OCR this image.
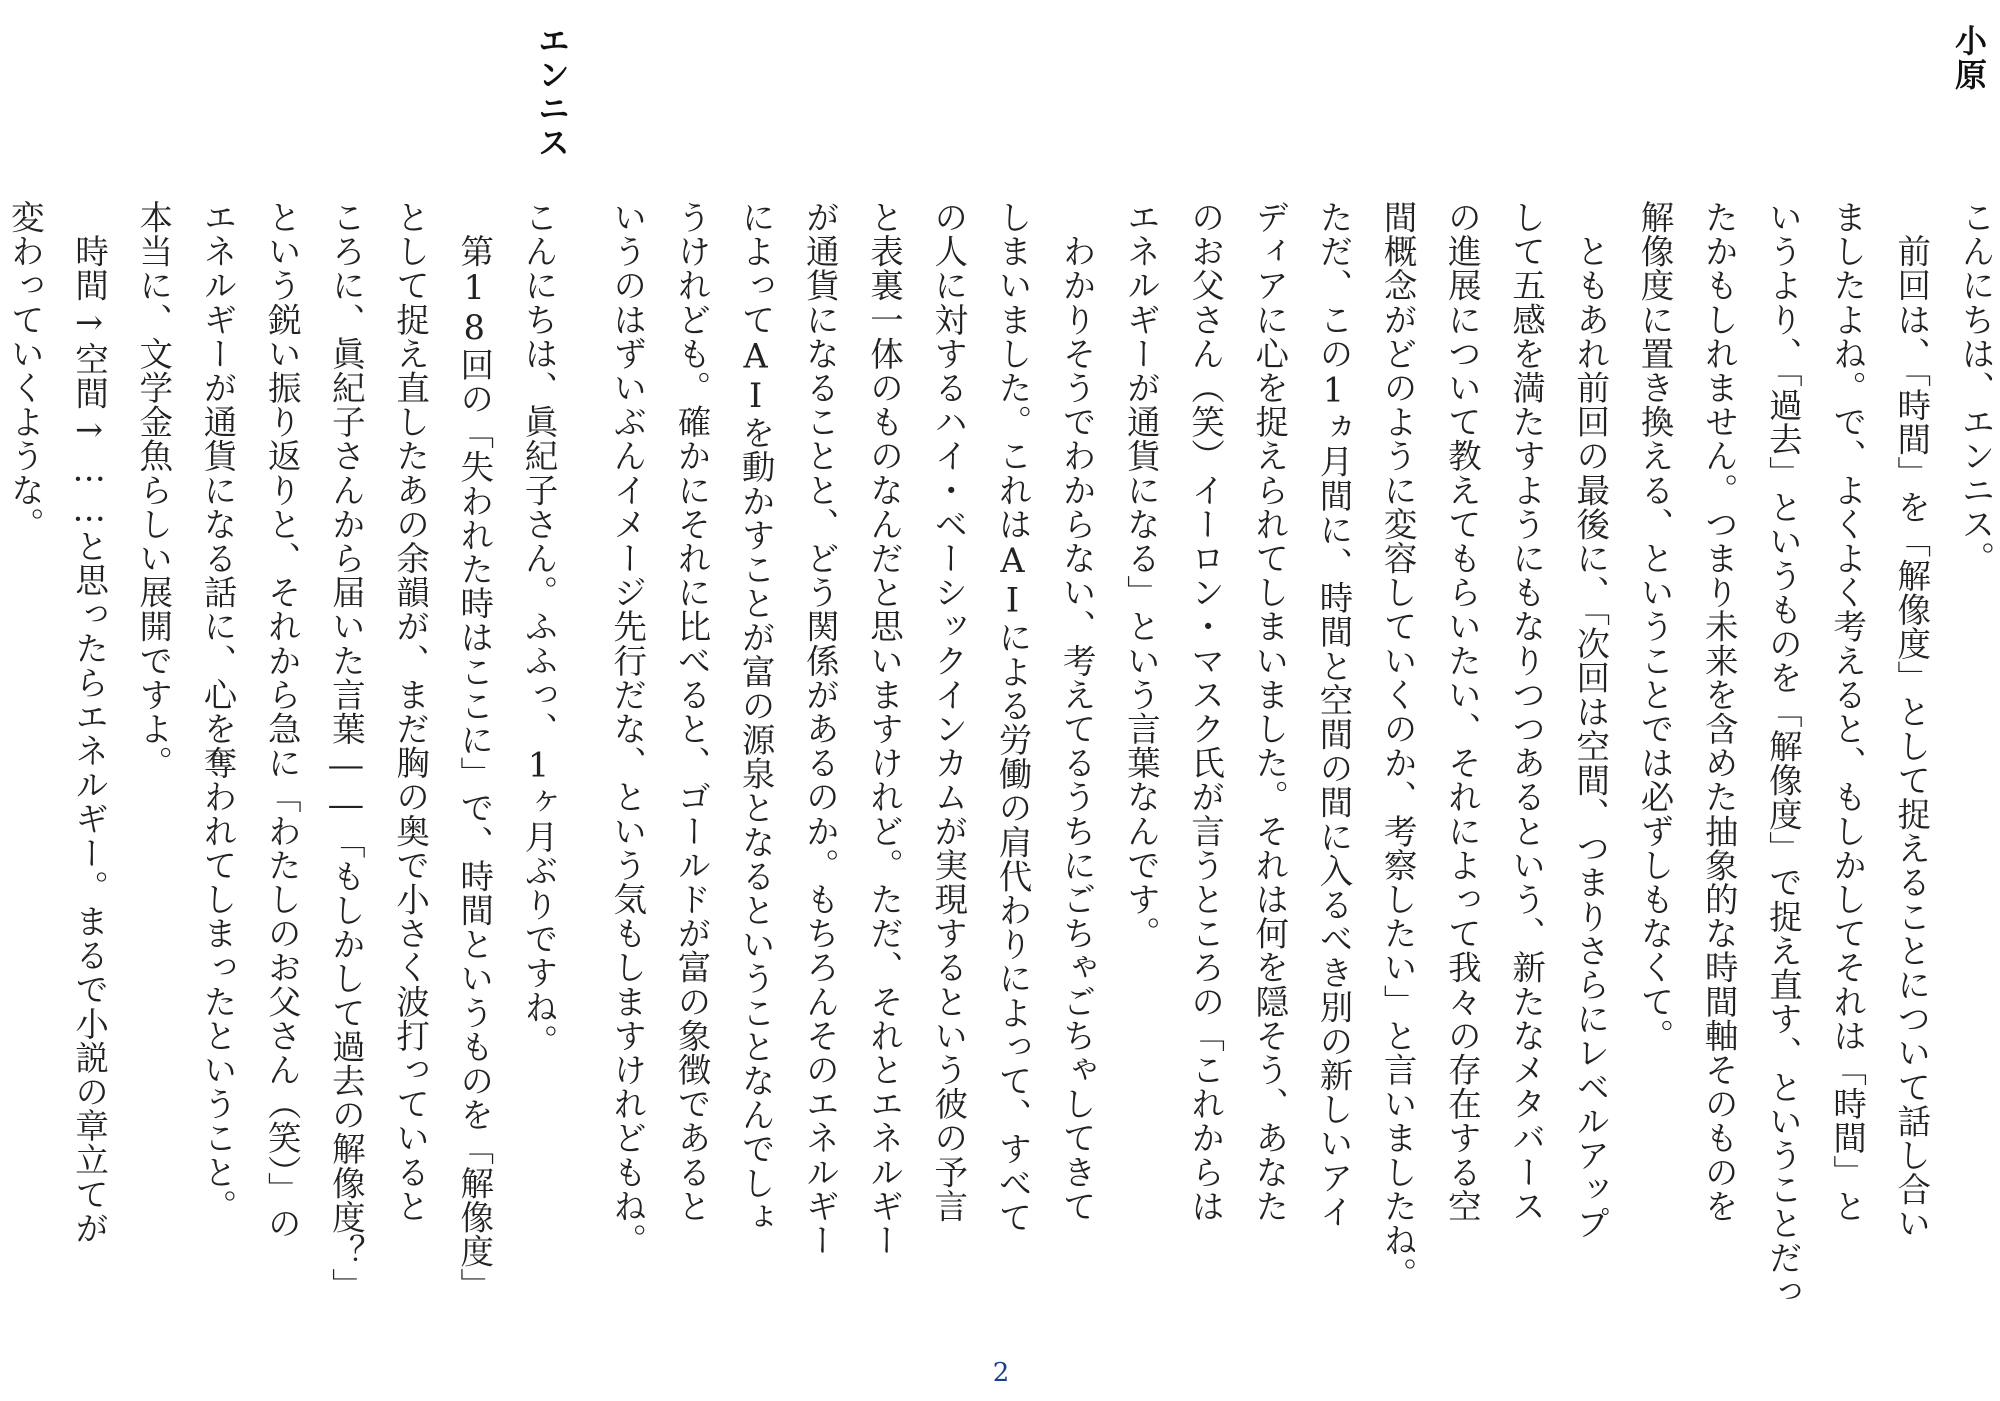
小原
こんにちは、エンニス。
　前回は、「時間」を「解像度」として捉えることについて話し合い
ましたよね。で、よくよく考えると、もしかしてそれは「時間」と
いうより、「過去」というものを「解像度」で捉え直す、ということだっ
たかもしれません。つまり未来を含めた抽象的な時間軸そのものを
解像度に置き換える、ということでは必ずしもなくて。
　ともあれ前回の最後に、「次回は空間、つまりさらにレベルアップ
して五感を満たすようにもなりつつあるという、新たなメタバース
の進展について教えてもらいたい、それによって我々の存在する空
間概念がどのように変容していくのか、考察したい」と言いましたね。
ただ、この1ヵ月間に、時間と空間の間に入るべき別の新しいアイ
ディアに心を捉えられてしまいました。それは何を隠そう、あなた
のお父さん（笑）イーロン・マスク氏が言うところの「これからは
エネルギーが通貨になる」という言葉なんです。
　わかりそうでわからない、考えてるうちにごちゃごちゃしてきて
しまいました。これはAIによる労働の肩代わりによって、すべて
の人に対するハイ・ベーシックインカムが実現するという彼の予言
と表裏一体のものなんだと思いますけれど。ただ、それとエネルギー
が通貨になることと、どう関係があるのか。もちろんそのエネルギー
によってAIを動かすことが富の源泉となるということなんでしょ
うけれども。確かにそれに比べると、ゴールドが富の象徴であると
いうのはずいぶんイメージ先行だな、という気もしますけれどもね。
エンニス
こんにちは、眞紀子さん。ふふっ、1ヶ月ぶりですね。
　第18回の「失われた時はここに」で、時間というものを「解像度」
として捉え直したあの余韻が、まだ胸の奥で小さく波打っていると
ころに、眞紀子さんから届いた言葉――「もしかして過去の解像度？」
という鋭い振り返りと、それから急に「わたしのお父さん（笑）」の
エネルギーが通貨になる話に、心を奪われてしまったということ。
本当に、文学金魚らしい展開ですよ。
　時間→空間→……と思ったらエネルギー。まるで小説の章立てが
変わっていくような。
2
